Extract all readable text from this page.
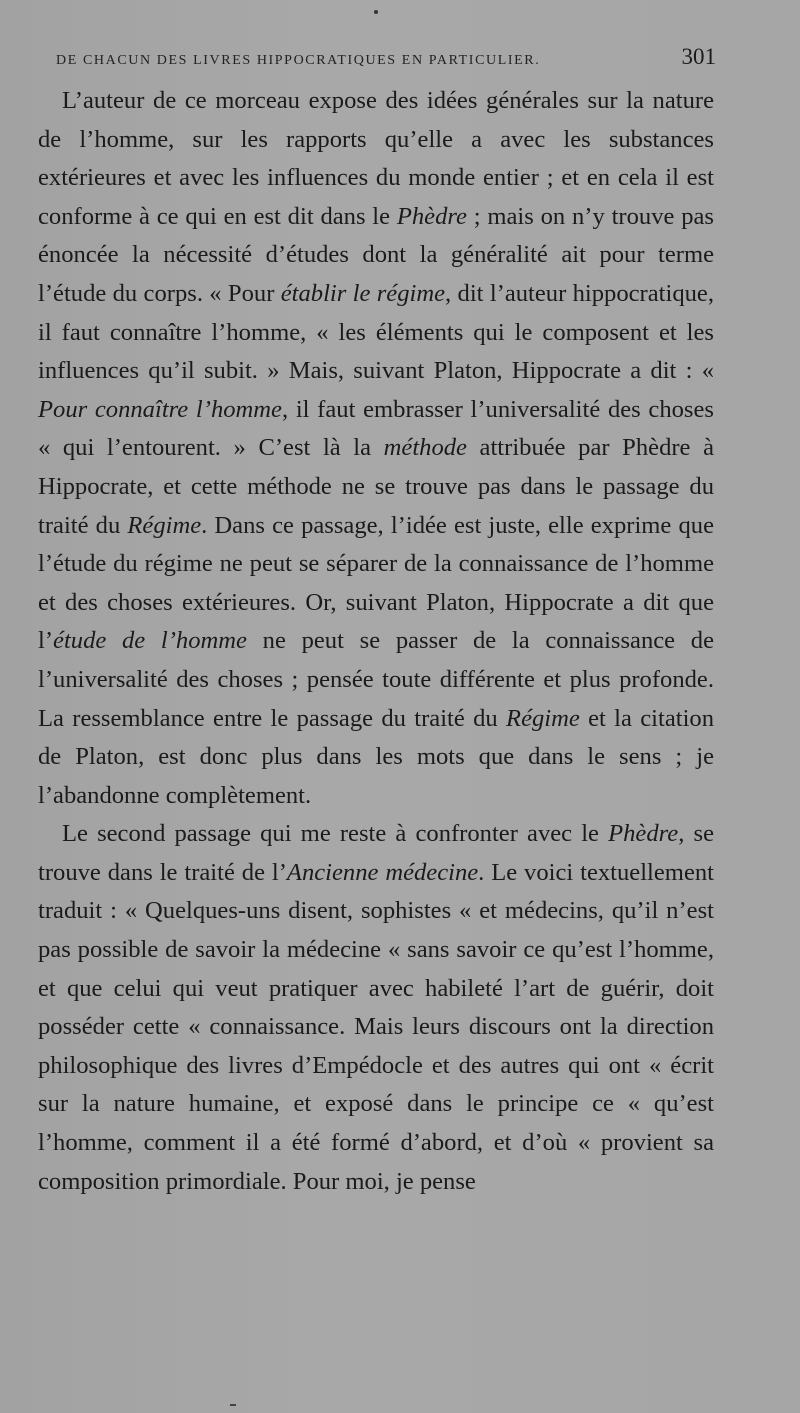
DE CHACUN DES LIVRES HIPPOCRATIQUES EN PARTICULIER.	301

L’auteur de ce morceau expose des idées générales sur la nature de l’homme, sur les rapports qu’elle a avec les substances extérieures et avec les influences du monde entier ; et en cela il est conforme à ce qui en est dit dans le Phèdre ; mais on n’y trouve pas énoncée la nécessité d’études dont la généralité ait pour terme l’étude du corps. « Pour établir le régime, dit l’auteur hippocratique, il faut connaître l’homme, « les éléments qui le composent et les influences qu’il subit. » Mais, suivant Platon, Hippocrate a dit : « Pour connaître l’homme, il faut embrasser l’universalité des choses « qui l’entourent. » C’est là la méthode attribuée par Phèdre à Hippocrate, et cette méthode ne se trouve pas dans le passage du traité du Régime. Dans ce passage, l’idée est juste, elle exprime que l’étude du régime ne peut se séparer de la connaissance de l’homme et des choses extérieures. Or, suivant Platon, Hippocrate a dit que l’étude de l’homme ne peut se passer de la connaissance de l’universalité des choses ; pensée toute différente et plus profonde. La ressemblance entre le passage du traité du Régime et la citation de Platon, est donc plus dans les mots que dans le sens ; je l’abandonne complètement.

Le second passage qui me reste à confronter avec le Phèdre, se trouve dans le traité de l’Ancienne médecine. Le voici textuellement traduit : « Quelques-uns disent, sophistes « et médecins, qu’il n’est pas possible de savoir la médecine « sans savoir ce qu’est l’homme, et que celui qui veut pratiquer avec habileté l’art de guérir, doit posséder cette « connaissance. Mais leurs discours ont la direction philosophique des livres d’Empédocle et des autres qui ont « écrit sur la nature humaine, et exposé dans le principe ce « qu’est l’homme, comment il a été formé d’abord, et d’où « provient sa composition primordiale. Pour moi, je pense
